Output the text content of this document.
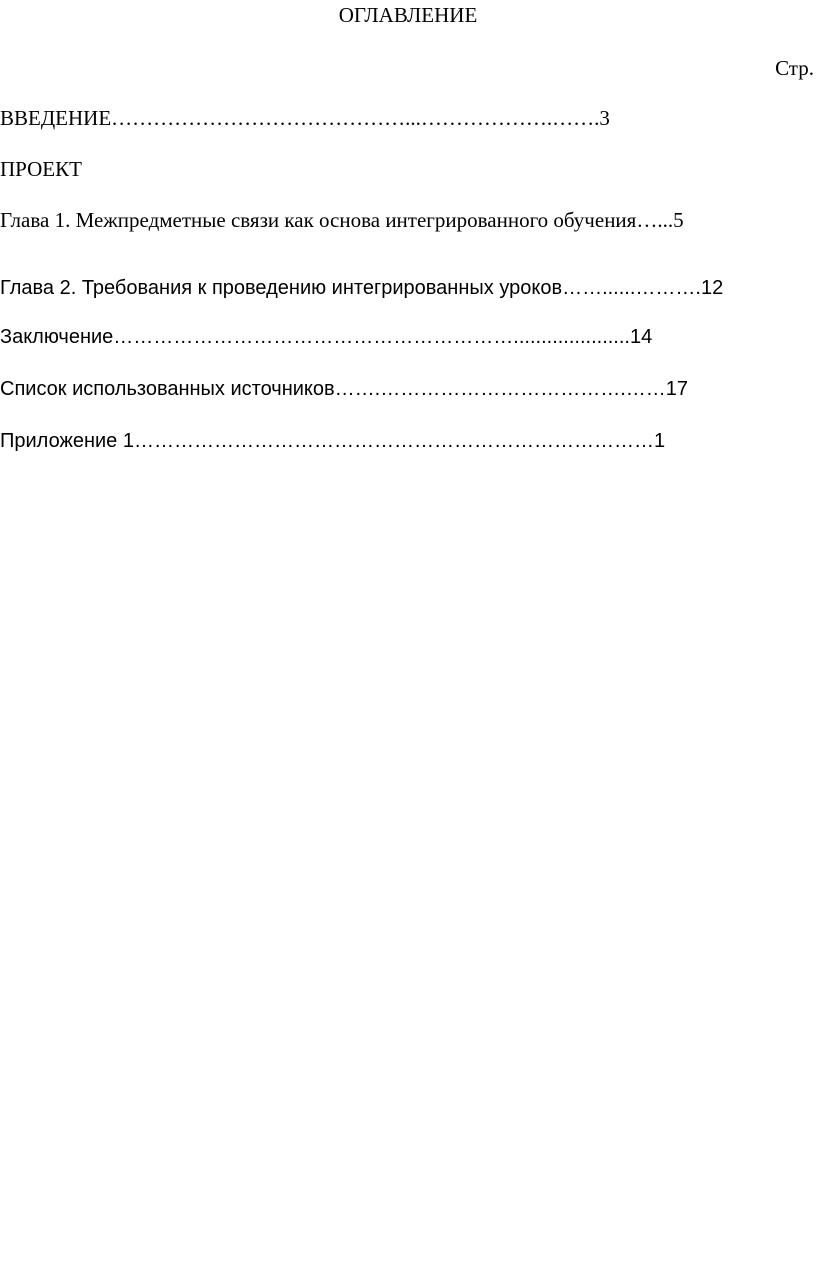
ОГЛАВЛЕНИЕ
Стр.
ВВЕДЕНИЕ……………………………………...……………….…….3
ПРОЕКТ
Глава 1. Межпредметные связи как основа интегрированного обучения…...5
Глава 2. Требования к проведению интегрированных уроков……......……….12
Заключение…………………………………………………….....................14
Список использованных источников…….……………………………….……17
Приложение 1……………………………………………………………………1
